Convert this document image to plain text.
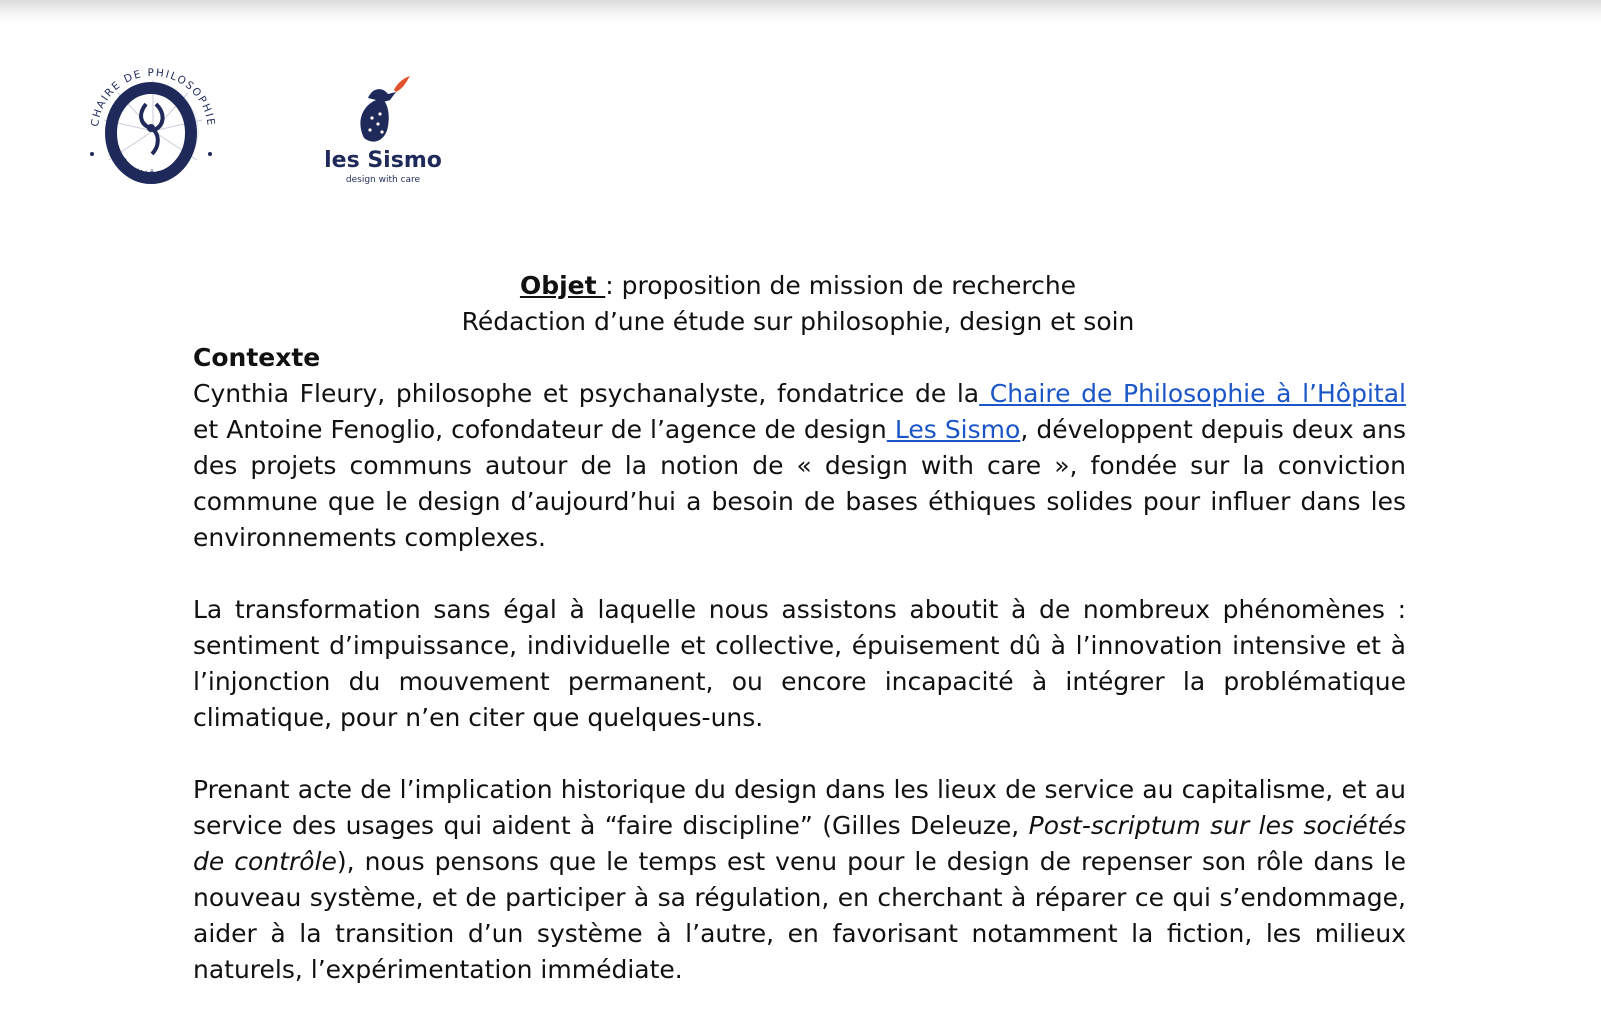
CHAIRE DE PHILOSOPHIE
À L'HÔPITAL	les Sismo
design with care
Objet : proposition de mission de recherche
Rédaction d’une étude sur philosophie, design et soin
Contexte

Cynthia Fleury, philosophe et psychanalyste, fondatrice de la Chaire de Philosophie à l’Hôpital et Antoine Fenoglio, cofondateur de l’agence de design Les Sismo, développent depuis deux ans des projets communs autour de la notion de « design with care », fondée sur la conviction commune que le design d’aujourd’hui a besoin de bases éthiques solides pour influer dans les environnements complexes.

La transformation sans égal à laquelle nous assistons aboutit à de nombreux phénomènes : sentiment d’impuissance, individuelle et collective, épuisement dû à l’innovation intensive et à l’injonction du mouvement permanent, ou encore incapacité à intégrer la problématique climatique, pour n’en citer que quelques-uns.

Prenant acte de l’implication historique du design dans les lieux de service au capitalisme, et au service des usages qui aident à “faire discipline” (Gilles Deleuze, Post-scriptum sur les sociétés de contrôle), nous pensons que le temps est venu pour le design de repenser son rôle dans le nouveau système, et de participer à sa régulation, en cherchant à réparer ce qui s’endommage, aider à la transition d’un système à l’autre, en favorisant notamment la fiction, les milieux naturels, l’expérimentation immédiate.
